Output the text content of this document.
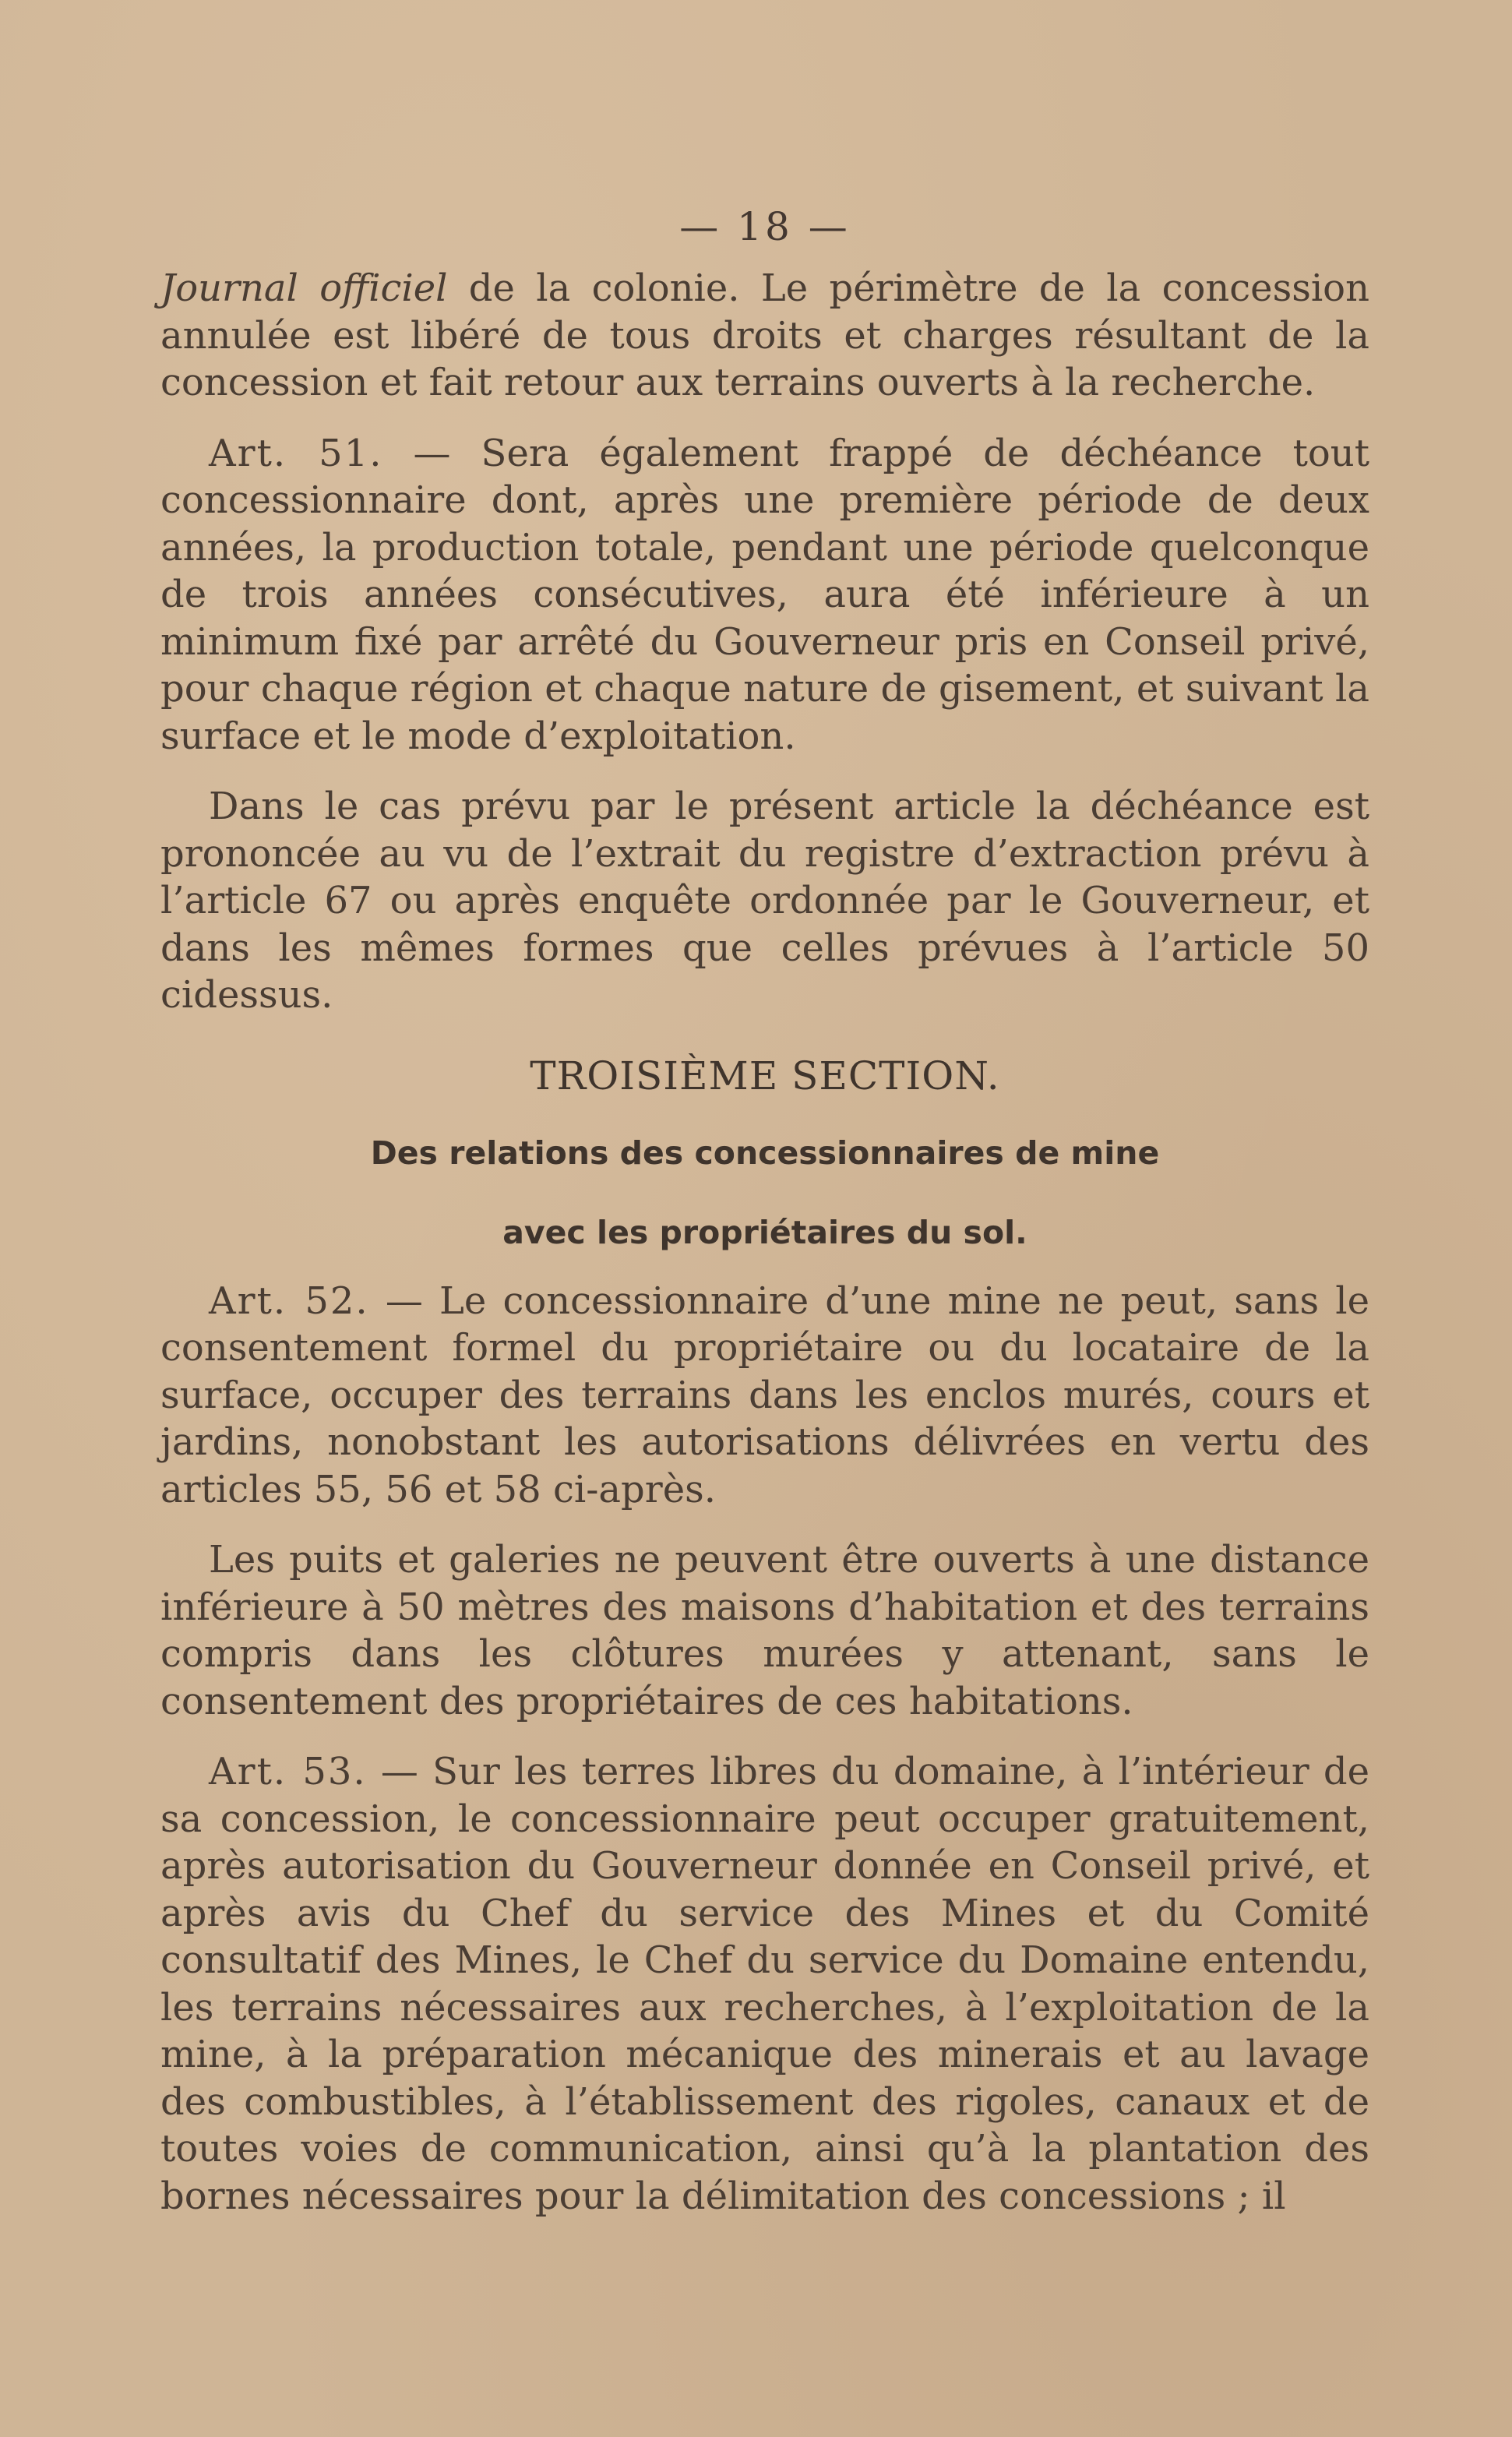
— 18 —

Journal officiel de la colonie. Le périmètre de la concession annulée est libéré de tous droits et charges résultant de la concession et fait retour aux terrains ouverts à la recherche.

Art. 51. — Sera également frappé de déchéance tout concessionnaire dont, après une première période de deux années, la production totale, pendant une période quelconque de trois années consécutives, aura été inférieure à un minimum fixé par arrêté du Gouverneur pris en Conseil privé, pour chaque région et chaque nature de gisement, et suivant la surface et le mode d’exploitation.

Dans le cas prévu par le présent article la déchéance est prononcée au vu de l’extrait du registre d’extraction prévu à l’article 67 ou après enquête ordonnée par le Gouverneur, et dans les mêmes formes que celles prévues à l’article 50 cidessus.

TROISIÈME SECTION.
Des relations des concessionnaires de mine
avec les propriétaires du sol.

Art. 52. — Le concessionnaire d’une mine ne peut, sans le consentement formel du propriétaire ou du locataire de la surface, occuper des terrains dans les enclos murés, cours et jardins, nonobstant les autorisations délivrées en vertu des articles 55, 56 et 58 ci-après.

Les puits et galeries ne peuvent être ouverts à une distance inférieure à 50 mètres des maisons d’habitation et des terrains compris dans les clôtures murées y attenant, sans le consentement des propriétaires de ces habitations.

Art. 53. — Sur les terres libres du domaine, à l’intérieur de sa concession, le concessionnaire peut occuper gratuitement, après autorisation du Gouverneur donnée en Conseil privé, et après avis du Chef du service des Mines et du Comité consultatif des Mines, le Chef du service du Domaine entendu, les terrains nécessaires aux recherches, à l’exploitation de la mine, à la préparation mécanique des minerais et au lavage des combustibles, à l’établissement des rigoles, canaux et de toutes voies de communication, ainsi qu’à la plantation des bornes nécessaires pour la délimitation des concessions ; il
